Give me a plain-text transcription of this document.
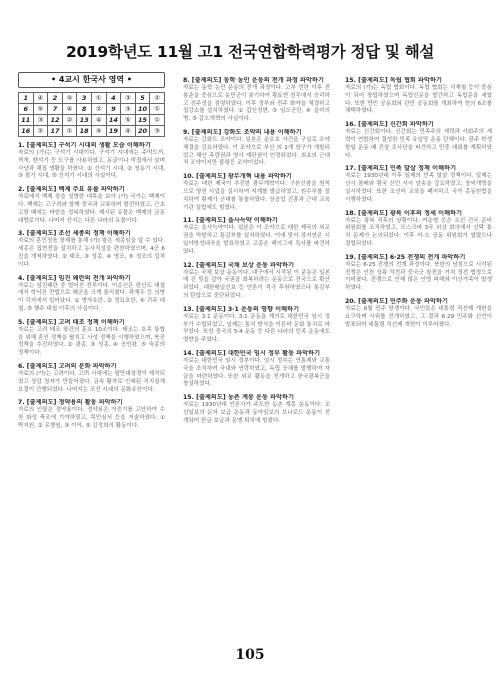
2019학년도 11월 고1 전국연합학력평가 정답 및 해설
• 4교시 한국사 영역 •
1	④	2	⑤	3	①	4	③	5	②
6	⑤	7	④	8	②	9	③	10	①
11	③	12	②	13	④	14	⑤	15	①
16	②	17	①	18	⑤	19	④	20	③
1. [출제의도] 구석기 시대의 생활 모습 이해하기
자료의 (가)는 구석기 시대이다. 구석기 시대에는 주먹도끼, 찍개, 뗀석기 등 도구를 사용하였고, 동굴이나 막집에서 살며 사냥과 채집 생활을 하였다. ① 신석기 시대, ② 청동기 시대, ③ 철기 시대, ⑤ 신석기 시대의 사실이다.
2. [출제의도] 백제 주요 유물 파악하기
자료에서 백제 왕을 설명한 대목을 보아 (가) 국가는 백제이다. 백제는 고구려와 함께 중국과 교류하며 발전하였고, 근초고왕 때에는 마한을 정복하였다. 제시된 유물은 백제의 금동 대향로이다. 나머지 선지는 다른 나라의 유물이다.
3. [출제의도] 조선 세종의 정책 이해하기
자료의 훈민정음 창제를 통해 (가) 왕은 세종임을 알 수 있다. 세종은 집현전을 설치하고 농사직설을 편찬하였으며, 4군 6진을 개척하였다. ② 태조, ③ 성종, ④ 영조, ⑤ 정조의 업적이다.
4. [출제의도] 임진 왜란의 전개 파악하기
자료는 임진왜란 중 벌어진 전투이다. 이순신은 한산도 대첩에서 학익진 전법으로 왜군을 크게 물리쳤다. 곽재우 등 의병이 각지에서 일어났다. ① 병자호란, ② 정묘호란, ④ 귀주 대첩, ⑤ 행주 대첩 이후의 사실이다.
5. [출제의도] 고려 태조 정책 이해하기
자료는 고려 태조 왕건의 훈요 10조이다. 태조는 호족 통합을 위해 혼인 정책을 펼치고 사성 정책을 시행하였으며, 북진 정책을 추진하였다. ② 광종, ③ 성종, ④ 공민왕, ⑤ 숙종의 정책이다.
6. [출제의도] 고려의 문화 파악하기
자료의 (가)는 고려이다. 고려 시대에는 팔만대장경이 제작되었고 상감 청자가 만들어졌다. 금속 활자로 인쇄된 직지심체요절이 간행되었다. 나머지는 조선 시대의 문화유산이다.
7. [출제의도] 정약용의 활동 파악하기
자료의 인물은 정약용이다. 정약용은 거중기를 고안하여 수원 화성 축조에 기여하였고, 목민심서 등을 저술하였다. ① 박지원, ② 유형원, ③ 이익, ⑤ 김정희의 활동이다.
8. [출제의도] 동학 농민 운동의 전개 과정 파악하기
자료는 동학 농민 운동의 전개 과정이다. 고부 민란 이후 전봉준을 중심으로 농민군이 봉기하여 황토현 전투에서 승리하고 전주성을 점령하였다. 이후 정부와 전주 화약을 체결하고 집강소를 설치하였다. ① 갑신정변, ③ 임오군란, ④ 을미의병, ⑤ 갑오개혁의 사실이다.
9. [출제의도] 강화도 조약의 내용 이해하기
자료는 강화도 조약이다. 일본은 운요호 사건을 구실로 조약 체결을 강요하였다. 이 조약으로 부산 외 2개 항구가 개항되었고 해안 측량권과 영사 재판권이 인정되었다. 최초의 근대적 조약이지만 불평등 조약이었다.
10. [출제의도] 광무개혁 내용 파악하기
자료는 대한 제국이 추진한 광무개혁이다. 구본신참을 원칙으로 양전 사업을 실시하여 지계를 발급하였고, 원수부를 설치하여 황제가 군대를 통솔하였다. 상공업 진흥과 근대 교육 기관 설립에도 힘썼다.
11. [출제의도] 을사늑약 이해하기
자료는 을사늑약이다. 일본은 이 조약으로 대한 제국의 외교권을 박탈하고 통감부를 설치하였다. 이에 맞서 장지연은 시일야방성대곡을 발표하였고 고종은 헤이그에 특사를 파견하였다.
12. [출제의도] 국채 보상 운동 파악하기
자료는 국채 보상 운동이다. 대구에서 시작된 이 운동은 일본에 진 빚을 갚아 국권을 회복하려는 운동으로 전국으로 확산되었다. 대한매일신보 등 언론이 적극 후원하였으나 통감부의 탄압으로 중단되었다.
13. [출제의도] 3·1 운동의 영향 이해하기
자료는 3·1 운동이다. 3·1 운동을 계기로 대한민국 임시 정부가 수립되었고, 일제는 통치 방식을 이른바 문화 통치로 바꾸었다. 또한 중국의 5·4 운동 등 다른 나라의 민족 운동에도 영향을 주었다.
14. [출제의도] 대한민국 임시 정부 활동 파악하기
자료는 대한민국 임시 정부이다. 임시 정부는 연통제와 교통국을 조직하여 국내와 연락하였고, 독립 공채를 발행하여 자금을 마련하였다. 또한 외교 활동을 전개하고 한국광복군을 창설하였다.
15. [출제의도] 농촌 계몽 운동 파악하기
자료는 1930년대 언론사가 주도한 농촌 계몽 운동이다. 조선일보의 문자 보급 운동과 동아일보의 브나로드 운동이 전개되어 한글 보급과 문맹 퇴치에 힘썼다.
15. [출제의도] 독립 협회 파악하기
자료의 (가)는 독립 협회이다. 독립 협회는 서재필 등이 중심이 되어 창립하였으며 독립신문을 발간하고 독립문을 세웠다. 또한 만민 공동회와 관민 공동회를 개최하여 헌의 6조를 채택하였다.
16. [출제의도] 신간회 파악하기
자료는 신간회이다. 신간회는 민족주의 세력과 사회주의 세력이 연합하여 결성한 민족 유일당 운동 단체이다. 광주 학생 항일 운동 때 진상 조사단을 파견하고 민중 대회를 계획하였다.
17. [출제의도] 민족 말살 정책 이해하기
자료는 1930년대 이후 일제의 민족 말살 정책이다. 일제는 신사 참배와 황국 신민 서사 암송을 강요하였고, 창씨개명을 실시하였다. 또한 조선어 교육을 폐지하고 국가 총동원법을 시행하였다.
18. [출제의도] 광복 이후의 정세 이해하기
자료는 광복 직후의 상황이다. 여운형 등은 조선 건국 준비 위원회를 조직하였고, 모스크바 3국 외상 회의에서 신탁 통치 문제가 논의되었다. 이후 미·소 공동 위원회가 열렸으나 결렬되었다.
19. [출제의도] 6·25 전쟁의 전개 파악하기
자료는 6·25 전쟁의 전개 과정이다. 북한의 남침으로 시작된 전쟁은 인천 상륙 작전과 중국군 참전을 거쳐 정전 협정으로 이어졌다. 전쟁으로 인해 많은 인명 피해와 이산가족이 발생하였다.
20. [출제의도] 민주화 운동 파악하기
자료는 6월 민주 항쟁이다. 국민들은 대통령 직선제 개헌을 요구하며 시위를 전개하였고, 그 결과 6·29 민주화 선언이 발표되어 대통령 직선제 개헌이 이루어졌다.
105
